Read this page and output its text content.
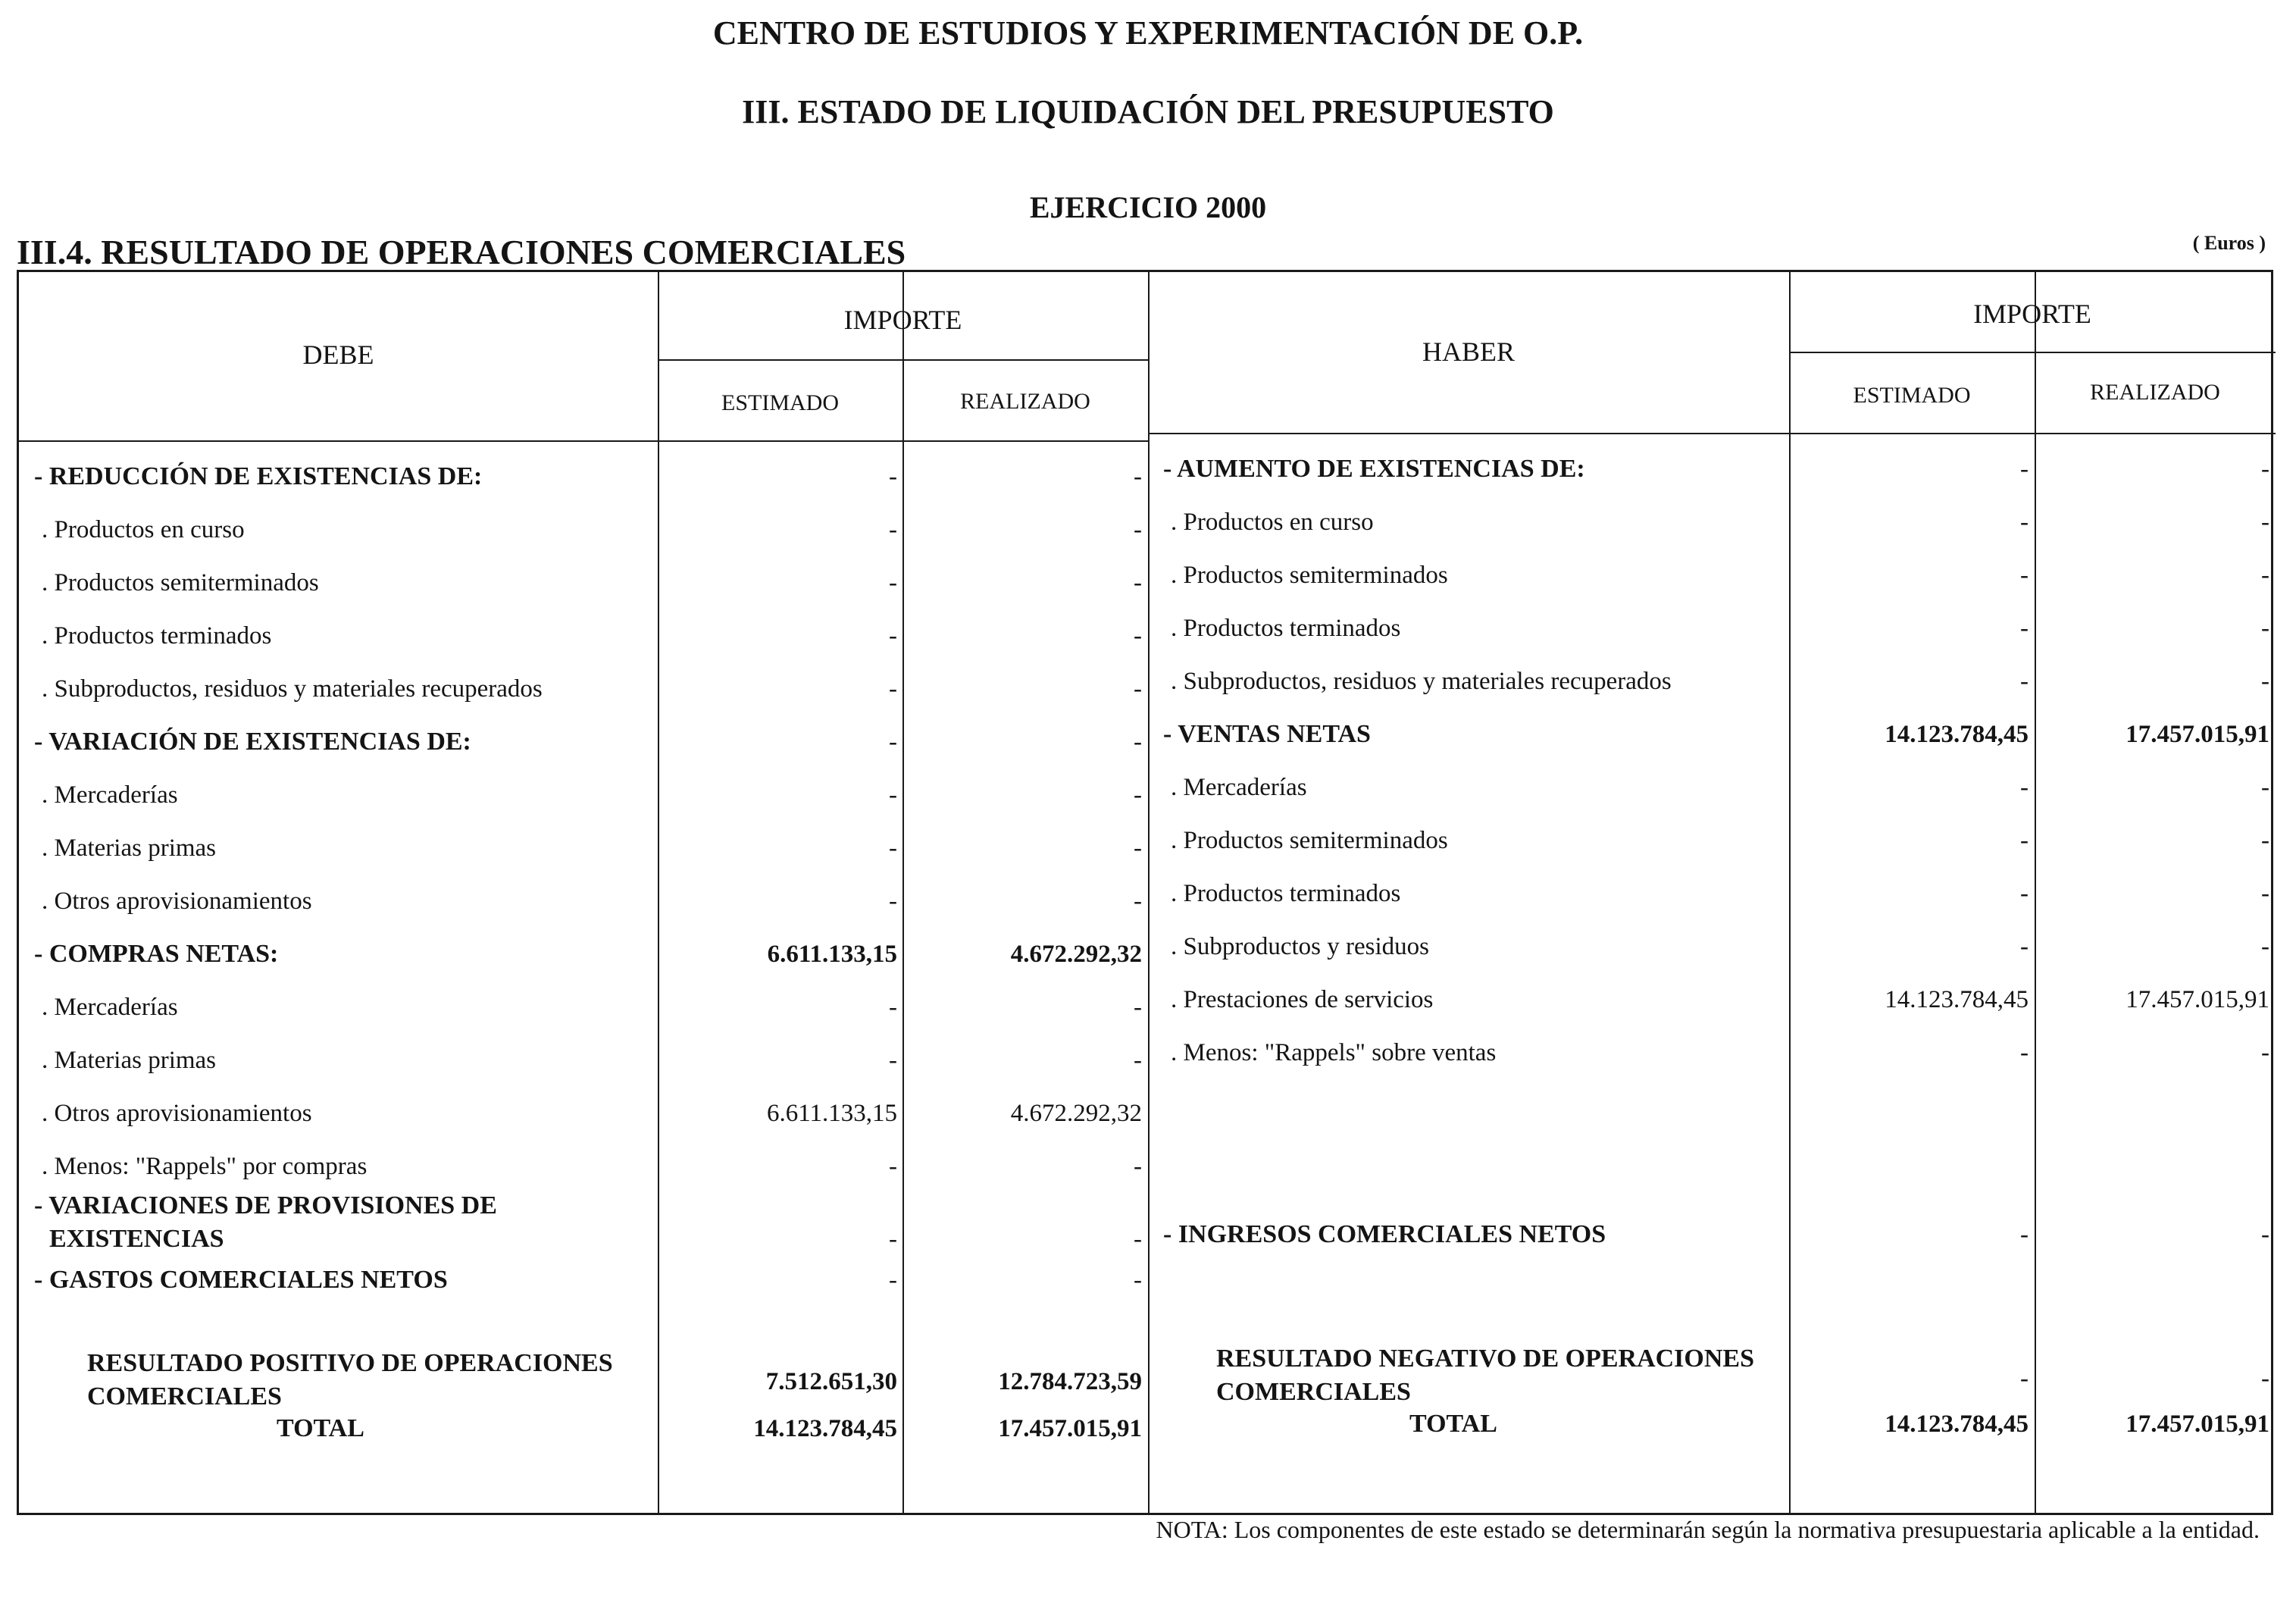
CENTRO DE ESTUDIOS Y EXPERIMENTACIÓN DE O.P.
III. ESTADO DE LIQUIDACIÓN DEL PRESUPUESTO
EJERCICIO 2000
III.4. RESULTADO DE OPERACIONES COMERCIALES	( Euros )
DEBE
IMPORTE
ESTIMADO	REALIZADO
HABER
IMPORTE
ESTIMADO	REALIZADO
- REDUCCIÓN DE EXISTENCIAS DE:	-	-
. Productos en curso	-	-
. Productos semiterminados	-	-
. Productos terminados	-	-
. Subproductos, residuos y materiales recuperados	-	-
- VARIACIÓN DE EXISTENCIAS DE:	-	-
. Mercaderías	-	-
. Materias primas	-	-
. Otros aprovisionamientos	-	-
- COMPRAS NETAS:	6.611.133,15	4.672.292,32
. Mercaderías	-	-
. Materias primas	-	-
. Otros aprovisionamientos	6.611.133,15	4.672.292,32
. Menos: "Rappels" por compras	-	-
- VARIACIONES DE PROVISIONES DE
EXISTENCIAS	-	-
- GASTOS COMERCIALES NETOS	-	-
RESULTADO POSITIVO DE OPERACIONES
COMERCIALES
7.512.651,30	12.784.723,59
TOTAL	14.123.784,45	17.457.015,91
- AUMENTO DE EXISTENCIAS DE:	-	-
. Productos en curso	-	-
. Productos semiterminados	-	-
. Productos terminados	-	-
. Subproductos, residuos y materiales recuperados	-	-
- VENTAS NETAS	14.123.784,45	17.457.015,91
. Mercaderías	-	-
. Productos semiterminados	-	-
. Productos terminados	-	-
. Subproductos y residuos	-	-
. Prestaciones de servicios	14.123.784,45	17.457.015,91
. Menos: "Rappels" sobre ventas	-	-
- INGRESOS COMERCIALES NETOS	-	-
RESULTADO NEGATIVO DE OPERACIONES
COMERCIALES	-	-
TOTAL	14.123.784,45	17.457.015,91
NOTA: Los componentes de este estado se determinarán según la normativa presupuestaria aplicable a la entidad.
